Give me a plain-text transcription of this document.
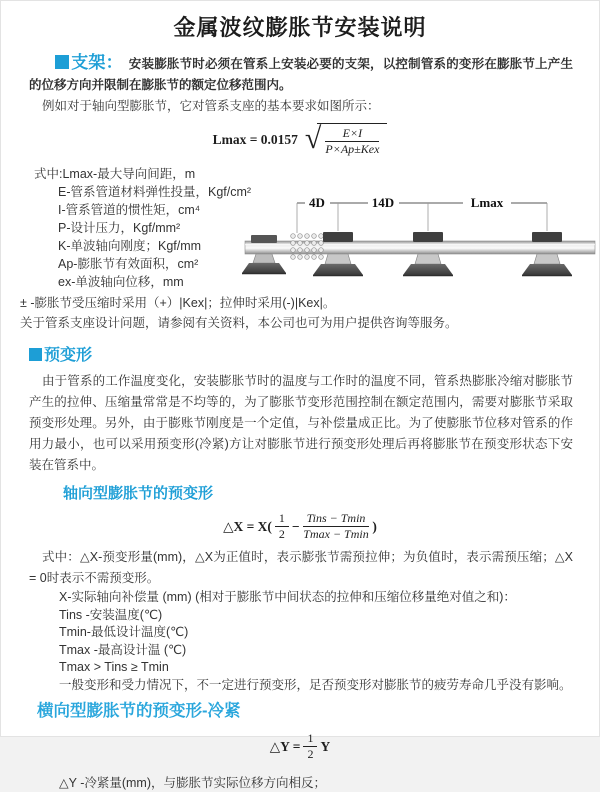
金属波纹膨胀节安装说明

支架： 安装膨胀节时必须在管系上安装必要的支架，以控制管系的变形在膨胀节上产生的位移方向并限制在膨胀节的额定位移范围内。

例如对于轴向型膨胀节，它对管系支座的基本要求如图所示：

Lmax = 0.0157 √ $\frac{E\times I}{\text{P×Ap±Kex}}$
式中:Lmax-最大导向间距，m
E-管系管道材料弹性投量，Kgf/cm²
I-管系管道的惯性矩，cm⁴
P-设计压力，Kgf/mm²
K-单波轴向刚度；Kgf/mm
Ap-膨胀节有效面积，cm²
ex-单波轴向位移，mm
4D	14D	Lmax

± -膨胀节受压缩时采用（+）|Kex|；拉伸时采用(-)|Kex|。

关于管系支座设计问题，请参阅有关资料，本公司也可为用户提供咨询等服务。

预变形

由于管系的工作温度变化，安装膨胀节时的温度与工作时的温度不同，管系热膨胀冷缩对膨胀节产生的拉伸、压缩量常常是不均等的，为了膨胀节变形范围控制在额定范围内，需要对膨胀节采取预变形处理。另外，由于膨账节刚度是一个定值，与补偿量成正比。为了使膨胀节位移对管系的作用力最小，也可以采用预变形(冷紧)方让对膨胀节进行预变形处理后再将膨胀节在预变形状态下安装在管系中。

轴向型膨胀节的预变形
△X = $X( \frac{1}{2} - \frac{\text{Tins − Tmin}}{Tmax - Tmin}$ )

式中：△X-预变形量(mm)，△X为正值时，表示膨张节需预拉伸；为负值时，表示需预压缩；△X = 0时表示不需预变形。

X-实际轴向补偿量 (mm) (相对于膨胀节中间状态的拉伸和压缩位移量绝对值之和)：
Tins -安装温度(℃)
Tmin-最低设计温度(℃)
Tmax -最高设计温 (℃)
Tmax > Tins ≥ Tmin
一般变形和受力情况下，不一定进行预变形，足否预变形对膨胀节的疲劳寿命几乎没有影响。
横向型膨胀节的预变形-冷紧
△Y = $\frac{1}{2}$ Y

△Y -冷紧量(mm)，与膨胀节实际位移方向相反；
